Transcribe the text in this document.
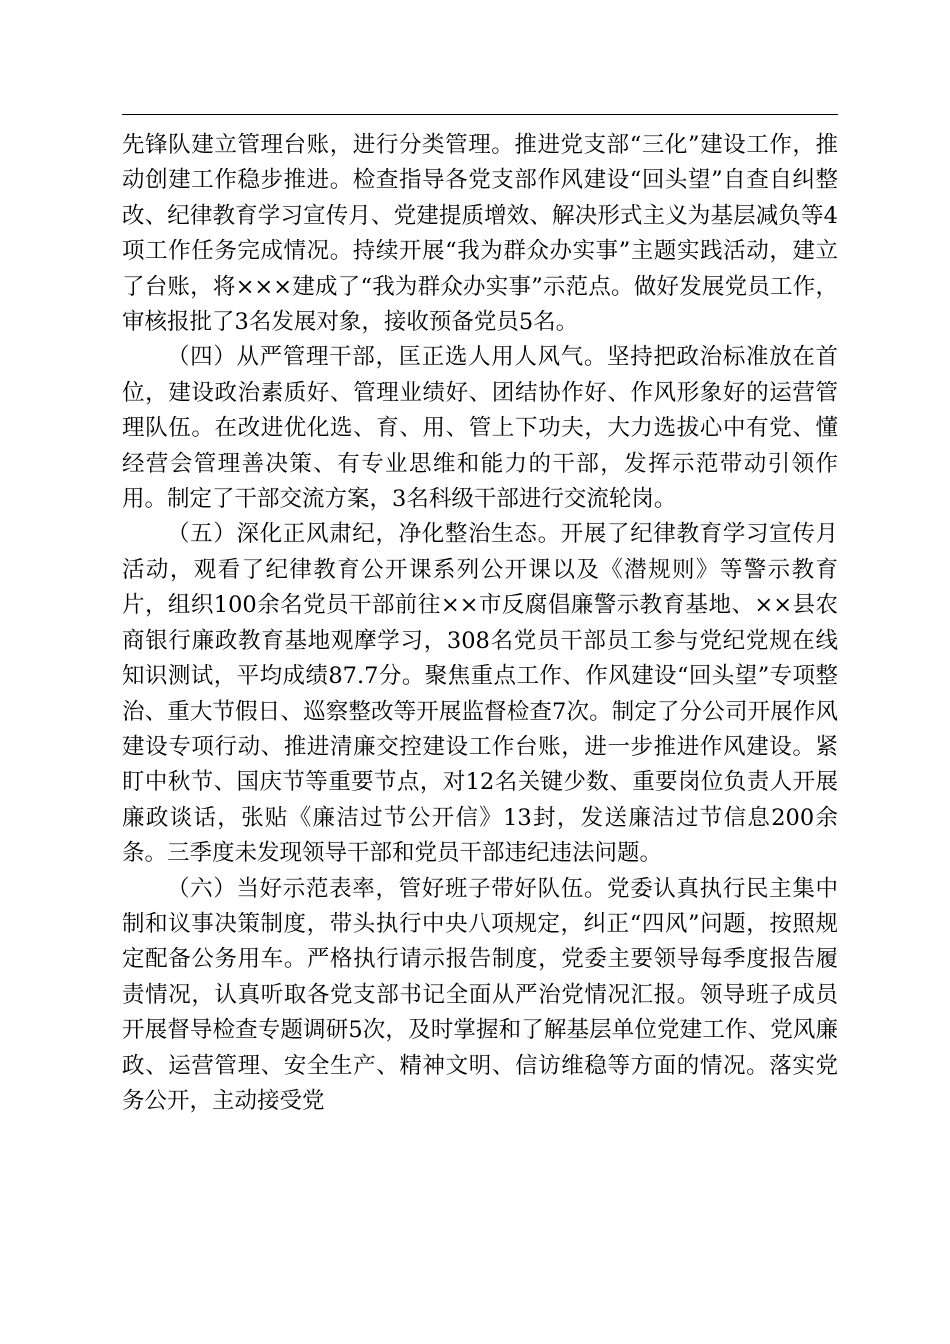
先锋队建立管理台账，进行分类管理。推进党支部“三化”建设工作，推动创建工作稳步推进。检查指导各党支部作风建设“回头望”自查自纠整改、纪律教育学习宣传月、党建提质增效、解决形式主义为基层减负等4项工作任务完成情况。持续开展“我为群众办实事”主题实践活动，建立了台账，将×××建成了“我为群众办实事”示范点。做好发展党员工作，审核报批了3名发展对象，接收预备党员5名。

（四）从严管理干部，匡正选人用人风气。坚持把政治标准放在首位，建设政治素质好、管理业绩好、团结协作好、作风形象好的运营管理队伍。在改进优化选、育、用、管上下功夫，大力选拔心中有党、懂经营会管理善决策、有专业思维和能力的干部，发挥示范带动引领作用。制定了干部交流方案，3名科级干部进行交流轮岗。

（五）深化正风肃纪，净化整治生态。开展了纪律教育学习宣传月活动，观看了纪律教育公开课系列公开课以及《潜规则》等警示教育片，组织100余名党员干部前往××市反腐倡廉警示教育基地、××县农商银行廉政教育基地观摩学习，308名党员干部员工参与党纪党规在线知识测试，平均成绩87.7分。聚焦重点工作、作风建设“回头望”专项整治、重大节假日、巡察整改等开展监督检查7次。制定了分公司开展作风建设专项行动、推进清廉交控建设工作台账，进一步推进作风建设。紧盯中秋节、国庆节等重要节点，对12名关键少数、重要岗位负责人开展廉政谈话，张贴《廉洁过节公开信》13封，发送廉洁过节信息200余条。三季度未发现领导干部和党员干部违纪违法问题。

（六）当好示范表率，管好班子带好队伍。党委认真执行民主集中制和议事决策制度，带头执行中央八项规定，纠正“四风”问题，按照规定配备公务用车。严格执行请示报告制度，党委主要领导每季度报告履责情况，认真听取各党支部书记全面从严治党情况汇报。领导班子成员开展督导检查专题调研5次，及时掌握和了解基层单位党建工作、党风廉政、运营管理、安全生产、精神文明、信访维稳等方面的情况。落实党务公开，主动接受党
